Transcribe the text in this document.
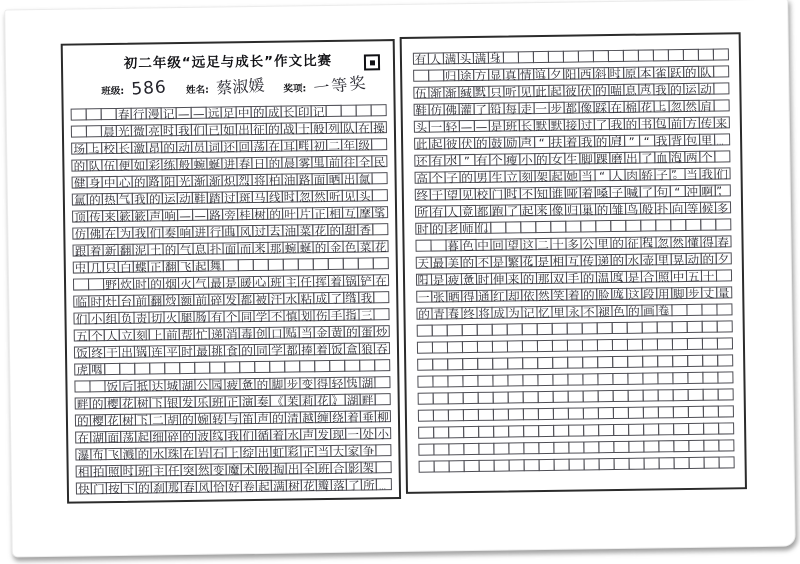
初二年级“远足与成长”作文比赛
班级: 586 姓名: 蔡淑媛 奖项: 一等奖
春 行 漫 记 — — 远 足 中 的 成 长 印 记
晨 光 微 亮 时， 我 们 已 如 出 征 的 战 士 般 列 队 在 操
场 上。 校 长 激 昂 的 动 员 词 还 回 荡 在 耳 畔， 初 二 年 级
的 队 伍 便 如 彩 练 般 蜿 蜒 进 春 日 的 晨 雾 里。 前 往 全 民
健 身 中 心 的 路， 阳 光 渐 渐 炽 烈， 将 柏 油 路 面 晒 出 氤
氲 的 热 气。 我 的 运 动 鞋 踏 过 斑 马 线 时， 忽 然 听 见 头
顶 传 来 簌 簌 声 响 — — 路 旁 桂 树 的 叶 片 正 相 互 摩 挲，
仿 佛 在 为 我 们 奏 响 进 行 曲。 风 过 去， 油 菜 花 的 甜 香
跟 着 新 翻 泥 土 的 气 息 扑 面 而 来， 那 蜿 蜒 的 金 色 菜 花
中， 几 只 白 蝶 正 翻 飞 起 舞。
野 炊 时 的 烟 火 气 最 是 暖 心。 班 主 任 挥 着 锅 铲 在
临 时 灶 台 前 翻 炒， 额 前 碎 发 都 被 汗 水 粘 成 了 绺。 我
们 小 组 负 责 切 火 腿 肠， 有 个 同 学 不 慎 划 伤 手 指， 三
五 个 人 立 刻 上 前 帮 忙 递 消 毒 创 口 贴。 当 金 黄 的 蛋 炒
饭 终 于 出 锅， 连 平 时 最 挑 食 的 同 学 都 捧 着 饭 盒 狼 吞
虎 咽。
饭 后 抵 达 城 湖 公 园， 疲 惫 的 脚 步 变 得 轻 快。 湖
畔 的 樱 花 树 下， 银 发 乐 班 正 演 奏 《 茉 莉 花 》， 湖 畔
的 樱 花 树 下， 二 胡 的 婉 转 与 笛 声 的 清 越 缠 绕 着 垂 柳
在 湖 面 荡 起 细 碎 的 波 纹。 我 们 循 着 水 声 发 现 一 处 小
瀑 布， 飞 溅 的 水 珠 在 岩 石 上 绽 出 虹 彩。 正 当 大 家 争
相 拍 照 时， 班 主 任 突 然 变 魔 术 般 掏 出 全 班 合 影 架，
快 门 按 下 的 刹 那， 春 风 恰 好 卷 起 满 树 花 瓣， 落 了 所 …
有 人 满 头 满 身。
归 途 方 显 真 情 谊。 夕 阳 西 斜 时， 原 本 雀 跃 的 队
伍 渐 渐 缄 默， 只 听 见 此 起 彼 伏 的 喘 息 声。 我 的 运 动
鞋 仿 佛 灌 了 铅， 每 走 一 步 都 像 踩 在 棉 花 上。 忽 然 肩
头 一 轻 — — 是 班 长 默 默 接 过 了 我 的 书 包。 前 方 传 来
此 起 彼 伏 的 鼓 励 声： “ 扶 着 我 的 肩！ ” “ 我 背 包 里 …
还 有 水！ ” 有 个 瘦 小 的 女 生 脚 踝 磨 出 了 血 泡， 两 个
高 个 子 的 男 生 立 刻 架 起 她 当 “ 人 肉 轿 子 ”。 当 我 们
终 于 望 见 校 门 时， 不 知 谁 哑 着 嗓 子 喊 了 句 “ 冲 啊 ”，
所 有 人 竟 都 跑 了 起 来， 像 归 巢 的 雏 鸟 般 扑 向 等 候 多
时 的 老 师 们。
暮 色 中 回 望 这 二 十 多 公 里 的 征 程， 忽 然 懂 得 春
天 最 美 的 不 是 繁 花， 是 相 互 传 递 的 水 壶 里 晃 动 的 夕
阳， 是 疲 惫 时 伸 来 的 那 双 手 的 温 度， 是 合 照 中 五 十
一 张 晒 得 通 红 却 依 然 笑 着 的 脸 庞。 这 段 用 脚 步 丈 量
的 青 春， 终 将 成 为 记 忆 里 永 不 褪 色 的 画 卷。
